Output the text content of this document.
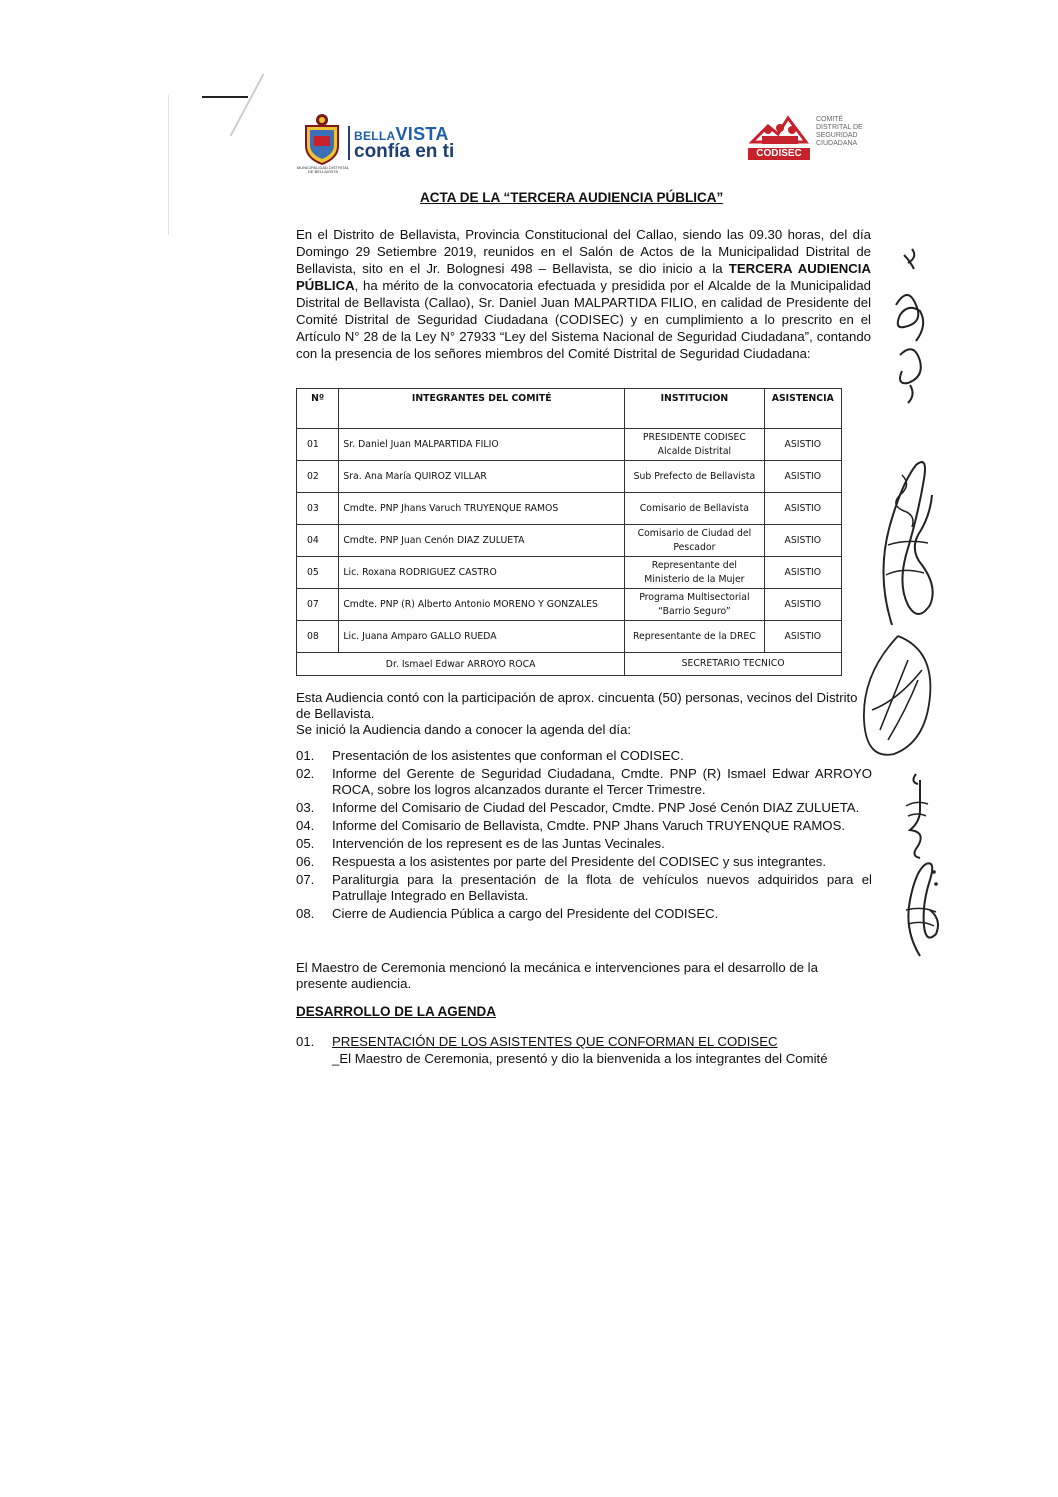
MUNICIPALIDAD DISTRITAL DE BELLAVISTA
BELLAVISTA
confía en ti	CODISEC
COMITÉ DISTRITAL DE SEGURIDAD CIUDADANA
ACTA DE LA “TERCERA AUDIENCIA PÚBLICA”

En el Distrito de Bellavista, Provincia Constitucional del Callao, siendo las 09.30 horas, del día Domingo 29 Setiembre 2019, reunidos en el Salón de Actos de la Municipalidad Distrital de Bellavista, sito en el Jr. Bolognesi 498 – Bellavista, se dio inicio a la TERCERA AUDIENCIA PÚBLICA, ha mérito de la convocatoria efectuada y presidida por el Alcalde de la Municipalidad Distrital de Bellavista (Callao), Sr. Daniel Juan MALPARTIDA FILIO, en calidad de Presidente del Comité Distrital de Seguridad Ciudadana (CODISEC) y en cumplimiento a lo prescrito en el Artículo N° 28 de la Ley N° 27933 “Ley del Sistema Nacional de Seguridad Ciudadana”, contando con la presencia de los señores miembros del Comité Distrital de Seguridad Ciudadana:

Nº	INTEGRANTES DEL COMITÉ	INSTITUCION	ASISTENCIA
01	Sr. Daniel Juan MALPARTIDA FILIO	PRESIDENTE CODISEC Alcalde Distrital	ASISTIO
02	Sra. Ana María QUIROZ VILLAR	Sub Prefecto de Bellavista	ASISTIO
03	Cmdte. PNP Jhans Varuch TRUYENQUE RAMOS	Comisario de Bellavista	ASISTIO
04	Cmdte. PNP Juan Cenón DIAZ ZULUETA	Comisario de Ciudad del Pescador	ASISTIO
05	Lic. Roxana RODRIGUEZ CASTRO	Representante del Ministerio de la Mujer	ASISTIO
07	Cmdte. PNP (R) Alberto Antonio MORENO Y GONZALES	Programa Multisectorial “Barrio Seguro”	ASISTIO
08	Lic. Juana Amparo GALLO RUEDA	Representante de la DREC	ASISTIO
Dr. Ismael Edwar ARROYO ROCA		SECRETARIO TECNICO	

Esta Audiencia contó con la participación de aprox. cincuenta (50) personas, vecinos del Distrito de Bellavista.

Se inició la Audiencia dando a conocer la agenda del día:

01.	Presentación de los asistentes que conforman el CODISEC.
02.	Informe del Gerente de Seguridad Ciudadana, Cmdte. PNP (R) Ismael Edwar ARROYO ROCA, sobre los logros alcanzados durante el Tercer Trimestre.
03.	Informe del Comisario de Ciudad del Pescador, Cmdte. PNP José Cenón DIAZ ZULUETA.
04.	Informe del Comisario de Bellavista, Cmdte. PNP Jhans Varuch TRUYENQUE RAMOS.
05.	Intervención de los represent es de las Juntas Vecinales.
06.	Respuesta a los asistentes por parte del Presidente del CODISEC y sus integrantes.
07.	Paraliturgia para la presentación de la flota de vehículos nuevos adquiridos para el Patrullaje Integrado en Bellavista.
08.	Cierre de Audiencia Pública a cargo del Presidente del CODISEC.

El Maestro de Ceremonia mencionó la mecánica e intervenciones para el desarrollo de la presente audiencia.

DESARROLLO DE LA AGENDA
01.	PRESENTACIÓN DE LOS ASISTENTES QUE CONFORMAN EL CODISEC
_El Maestro de Ceremonia, presentó y dio la bienvenida a los integrantes del Comité
